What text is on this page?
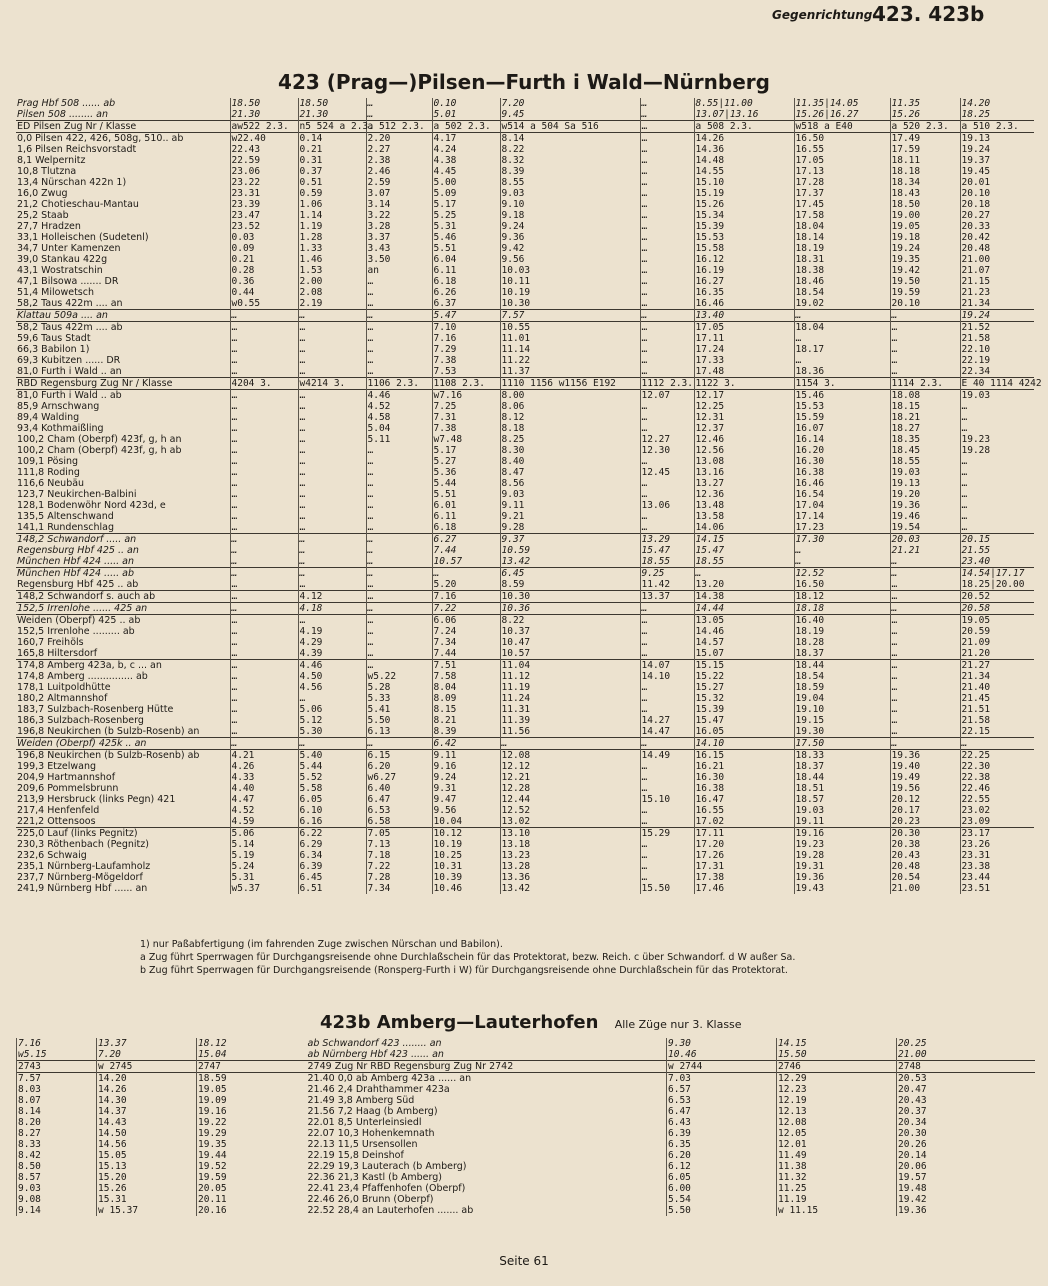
Gegenrichtung 423. 423b
423 (Prag—)Pilsen—Furth i Wald—Nürnberg
Prag Hbf 508 ...... ab	18.50	18.50	…	0.10	7.20	…	8.55|11.00	11.35|14.05	11.35	14.20
Pilsen 508 ........ an	21.30	21.30	…	5.01	9.45	…	13.07|13.16	15.26|16.27	15.26	18.25
ED Pilsen Zug Nr / Klasse	aw522 2.3.	n5 524 a 2.3.	a 512 2.3.	a 502 2.3.	w514 a 504 Sa 516	…	a 508 2.3.	w518 a E40	a 520 2.3.	a 510 2.3.
0,0 Pilsen 422, 426, 508g, 510.. ab	w22.40	0.14	2.20	4.17	8.14	…	14.26	16.50	17.49	19.13
1,6 Pilsen Reichsvorstadt	22.43	0.21	2.27	4.24	8.22	…	14.36	16.55	17.59	19.24
8,1 Welpernitz	22.59	0.31	2.38	4.38	8.32	…	14.48	17.05	18.11	19.37
10,8 Tlutzna	23.06	0.37	2.46	4.45	8.39	…	14.55	17.13	18.18	19.45
13,4 Nürschan 422n 1)	23.22	0.51	2.59	5.00	8.55	…	15.10	17.28	18.34	20.01
16,0 Zwug	23.31	0.59	3.07	5.09	9.03	…	15.19	17.37	18.43	20.10
21,2 Chotieschau-Mantau	23.39	1.06	3.14	5.17	9.10	…	15.26	17.45	18.50	20.18
25,2 Staab	23.47	1.14	3.22	5.25	9.18	…	15.34	17.58	19.00	20.27
27,7 Hradzen	23.52	1.19	3.28	5.31	9.24	…	15.39	18.04	19.05	20.33
33,1 Holleischen (Sudetenl)	0.03	1.28	3.37	5.46	9.36	…	15.53	18.14	19.18	20.42
34,7 Unter Kamenzen	0.09	1.33	3.43	5.51	9.42	…	15.58	18.19	19.24	20.48
39,0 Stankau 422g	0.21	1.46	3.50	6.04	9.56	…	16.12	18.31	19.35	21.00
43,1 Wostratschin	0.28	1.53	an	6.11	10.03	…	16.19	18.38	19.42	21.07
47,1 Bilsowa ....... DR	0.36	2.00	…	6.18	10.11	…	16.27	18.46	19.50	21.15
51,4 Milowetsch	0.44	2.08	…	6.26	10.19	…	16.35	18.54	19.59	21.23
58,2 Taus 422m .... an	w0.55	2.19	…	6.37	10.30	…	16.46	19.02	20.10	21.34
Klattau 509a .... an	…	…	…	5.47	7.57	…	13.40	…	…	19.24
58,2 Taus 422m .... ab	…	…	…	7.10	10.55	…	17.05	18.04	…	21.52
59,6 Taus Stadt	…	…	…	7.16	11.01	…	17.11	…	…	21.58
66,3 Babilon 1)	…	…	…	7.29	11.14	…	17.24	18.17	…	22.10
69,3 Kubitzen ...... DR	…	…	…	7.38	11.22	…	17.33	…	…	22.19
81,0 Furth i Wald .. an	…	…	…	7.53	11.37	…	17.48	18.36	…	22.34
RBD Regensburg Zug Nr / Klasse	4204 3.	w4214 3.	1106 2.3.	1108 2.3.	1110 1156 w1156 E192	1112 2.3.	1122 3.	1154 3.	1114 2.3.	E 40 1114 4242
81,0 Furth i Wald .. ab	…	…	4.46	w7.16	8.00	12.07	12.17	15.46	18.08	19.03
85,9 Arnschwang	…	…	4.52	7.25	8.06	…	12.25	15.53	18.15	…
89,4 Walding	…	…	4.58	7.31	8.12	…	12.31	15.59	18.21	…
93,4 Kothmaißling	…	…	5.04	7.38	8.18	…	12.37	16.07	18.27	…
100,2 Cham (Oberpf) 423f, g, h an	…	…	5.11	w7.48	8.25	12.27	12.46	16.14	18.35	19.23
100,2 Cham (Oberpf) 423f, g, h ab	…	…	…	5.17	8.30	12.30	12.56	16.20	18.45	19.28
109,1 Pösing	…	…	…	5.27	8.40	…	13.08	16.30	18.55	…
111,8 Roding	…	…	…	5.36	8.47	12.45	13.16	16.38	19.03	…
116,6 Neubäu	…	…	…	5.44	8.56	…	13.27	16.46	19.13	…
123,7 Neukirchen-Balbini	…	…	…	5.51	9.03	…	12.36	16.54	19.20	…
128,1 Bodenwöhr Nord 423d, e	…	…	…	6.01	9.11	13.06	13.48	17.04	19.36	…
135,5 Altenschwand	…	…	…	6.11	9.21	…	13.58	17.14	19.46	…
141,1 Rundenschlag	…	…	…	6.18	9.28	…	14.06	17.23	19.54	…
148,2 Schwandorf ..... an	…	…	…	6.27	9.37	13.29	14.15	17.30	20.03	20.15
Regensburg Hbf 425 .. an	…	…	…	7.44	10.59	15.47	15.47	…	21.21	21.55
München Hbf 424 ..... an	…	…	…	10.57	13.42	18.55	18.55	…	…	23.40
München Hbf 424 ..... ab	…	…	…	…	6.45	9.25	…	12.52	…	14.54|17.17
Regensburg Hbf 425 .. ab	…	…	…	5.20	8.59	11.42	13.20	16.50	…	18.25|20.00
148,2 Schwandorf s. auch ab	…	4.12	…	7.16	10.30	13.37	14.38	18.12	…	20.52
152,5 Irrenlohe ...... 425 an	…	4.18	…	7.22	10.36	…	14.44	18.18	…	20.58
Weiden (Oberpf) 425 .. ab	…	…	…	6.06	8.22	…	13.05	16.40	…	19.05
152,5 Irrenlohe ......... ab	…	4.19	…	7.24	10.37	…	14.46	18.19	…	20.59
160,7 Freihöls	…	4.29	…	7.34	10.47	…	14.57	18.28	…	21.09
165,8 Hiltersdorf	…	4.39	…	7.44	10.57	…	15.07	18.37	…	21.20
174,8 Amberg 423a, b, c ... an	…	4.46	…	7.51	11.04	14.07	15.15	18.44	…	21.27
174,8 Amberg ............... ab	…	4.50	w5.22	7.58	11.12	14.10	15.22	18.54	…	21.34
178,1 Luitpoldhütte	…	4.56	5.28	8.04	11.19	…	15.27	18.59	…	21.40
180,2 Altmannshof	…	…	5.33	8.09	11.24	…	15.32	19.04	…	21.45
183,7 Sulzbach-Rosenberg Hütte	…	5.06	5.41	8.15	11.31	…	15.39	19.10	…	21.51
186,3 Sulzbach-Rosenberg	…	5.12	5.50	8.21	11.39	14.27	15.47	19.15	…	21.58
196,8 Neukirchen (b Sulzb-Rosenb) an	…	5.30	6.13	8.39	11.56	14.47	16.05	19.30	…	22.15
Weiden (Oberpf) 425k .. an	…	…	…	6.42	…	…	14.10	17.50	…	…
196,8 Neukirchen (b Sulzb-Rosenb) ab	4.21	5.40	6.15	9.11	12.08	14.49	16.15	18.33	19.36	22.25
199,3 Etzelwang	4.26	5.44	6.20	9.16	12.12	…	16.21	18.37	19.40	22.30
204,9 Hartmannshof	4.33	5.52	w6.27	9.24	12.21	…	16.30	18.44	19.49	22.38
209,6 Pommelsbrunn	4.40	5.58	6.40	9.31	12.28	…	16.38	18.51	19.56	22.46
213,9 Hersbruck (links Pegn) 421	4.47	6.05	6.47	9.47	12.44	15.10	16.47	18.57	20.12	22.55
217,4 Henfenfeld	4.52	6.10	6.53	9.56	12.52	…	16.55	19.03	20.17	23.02
221,2 Ottensoos	4.59	6.16	6.58	10.04	13.02	…	17.02	19.11	20.23	23.09
225,0 Lauf (links Pegnitz)	5.06	6.22	7.05	10.12	13.10	15.29	17.11	19.16	20.30	23.17
230,3 Röthenbach (Pegnitz)	5.14	6.29	7.13	10.19	13.18	…	17.20	19.23	20.38	23.26
232,6 Schwaig	5.19	6.34	7.18	10.25	13.23	…	17.26	19.28	20.43	23.31
235,1 Nürnberg-Laufamholz	5.24	6.39	7.22	10.31	13.28	…	17.31	19.31	20.48	23.38
237,7 Nürnberg-Mögeldorf	5.31	6.45	7.28	10.39	13.36	…	17.38	19.36	20.54	23.44
241,9 Nürnberg Hbf ...... an	w5.37	6.51	7.34	10.46	13.42	15.50	17.46	19.43	21.00	23.51
1) nur Paßabfertigung (im fahrenden Zuge zwischen Nürschan und Babilon).
a Zug führt Sperrwagen für Durchgangsreisende ohne Durchlaßschein für das Protektorat, bezw. Reich. c über Schwandorf. d W außer Sa.
b Zug führt Sperrwagen für Durchgangsreisende (Ronsperg-Furth i W) für Durchgangsreisende ohne Durchlaßschein für das Protektorat.
423b Amberg—Lauterhofen Alle Züge nur 3. Klasse
7.16	13.37	18.12	ab Schwandorf 423 ........ an	9.30	14.15	20.25
w5.15	7.20	15.04	ab Nürnberg Hbf 423 ...... an	10.46	15.50	21.00
2743	w 2745	2747	2749 Zug Nr RBD Regensburg Zug Nr 2742	w 2744	2746	2748
7.57	14.20	18.59	21.40 0,0 ab Amberg 423a ...... an	7.03	12.29	20.53
8.03	14.26	19.05	21.46 2,4 Drahthammer 423a	6.57	12.23	20.47
8.07	14.30	19.09	21.49 3,8 Amberg Süd	6.53	12.19	20.43
8.14	14.37	19.16	21.56 7,2 Haag (b Amberg)	6.47	12.13	20.37
8.20	14.43	19.22	22.01 8,5 Unterleinsiedl	6.43	12.08	20.34
8.27	14.50	19.29	22.07 10,3 Hohenkemnath	6.39	12.05	20.30
8.33	14.56	19.35	22.13 11,5 Ursensollen	6.35	12.01	20.26
8.42	15.05	19.44	22.19 15,8 Deinshof	6.20	11.49	20.14
8.50	15.13	19.52	22.29 19,3 Lauterach (b Amberg)	6.12	11.38	20.06
8.57	15.20	19.59	22.36 21,3 Kastl (b Amberg)	6.05	11.32	19.57
9.03	15.26	20.05	22.41 23,4 Pfaffenhofen (Oberpf)	6.00	11.25	19.48
9.08	15.31	20.11	22.46 26,0 Brunn (Oberpf)	5.54	11.19	19.42
9.14	w 15.37	20.16	22.52 28,4 an Lauterhofen ....... ab	5.50	w 11.15	19.36
Seite 61
